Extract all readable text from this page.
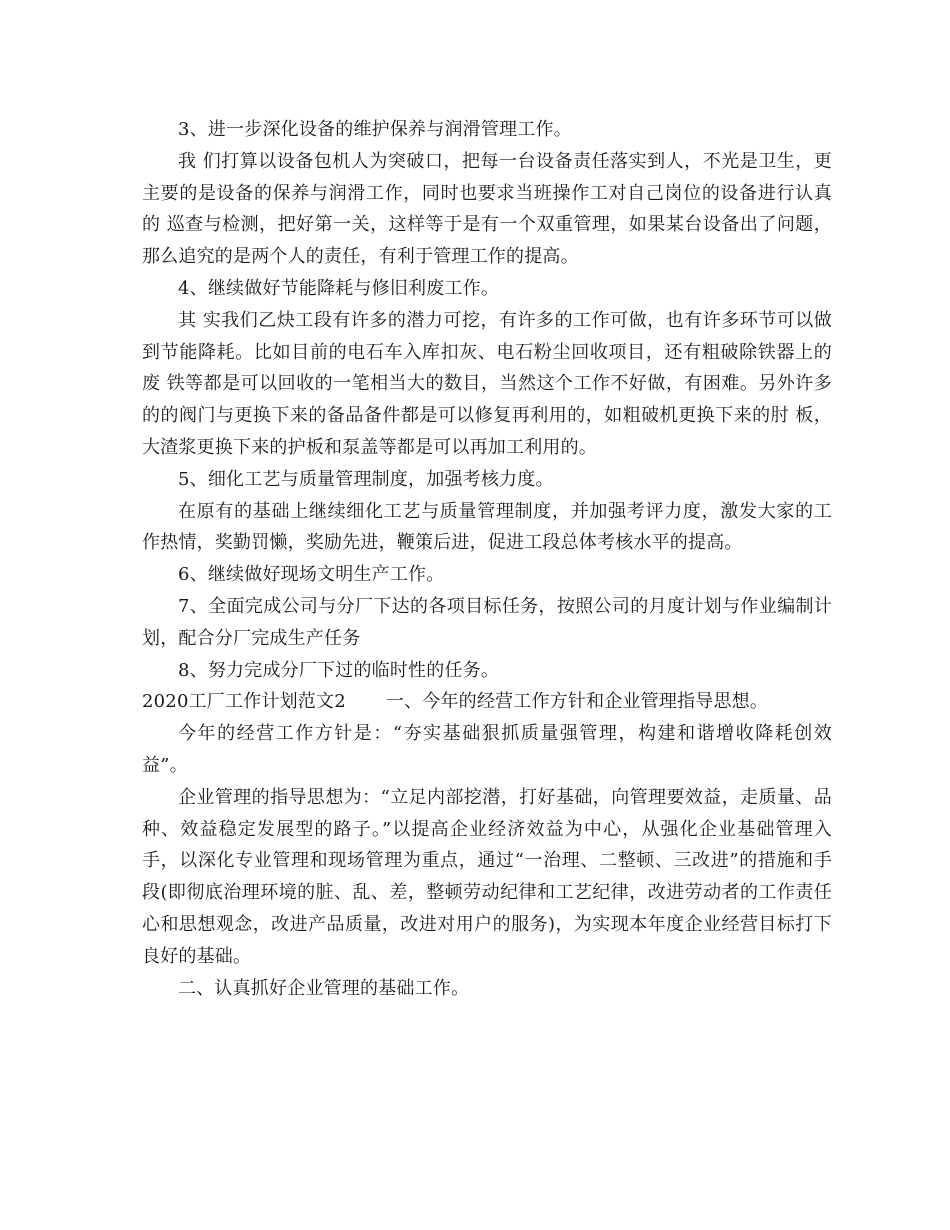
3、进一步深化设备的维护保养与润滑管理工作。

我 们打算以设备包机人为突破口，把每一台设备责任落实到人，不光是卫生，更主要的是设备的保养与润滑工作，同时也要求当班操作工对自己岗位的设备进行认真的 巡查与检测，把好第一关，这样等于是有一个双重管理，如果某台设备出了问题，那么追究的是两个人的责任，有利于管理工作的提高。

4、继续做好节能降耗与修旧利废工作。

其 实我们乙炔工段有许多的潜力可挖，有许多的工作可做，也有许多环节可以做到节能降耗。比如目前的电石车入库扣灰、电石粉尘回收项目，还有粗破除铁器上的废 铁等都是可以回收的一笔相当大的数目，当然这个工作不好做，有困难。另外许多的的阀门与更换下来的备品备件都是可以修复再利用的，如粗破机更换下来的肘 板，大渣浆更换下来的护板和泵盖等都是可以再加工利用的。

5、细化工艺与质量管理制度，加强考核力度。

在原有的基础上继续细化工艺与质量管理制度，并加强考评力度，激发大家的工作热情，奖勤罚懒，奖励先进，鞭策后进，促进工段总体考核水平的提高。

6、继续做好现场文明生产工作。

7、全面完成公司与分厂下达的各项目标任务，按照公司的月度计划与作业编制计划，配合分厂完成生产任务

8、努力完成分厂下过的临时性的任务。

2020工厂工作计划范文2 一、今年的经营工作方针和企业管理指导思想。

今年的经营工作方针是：“夯实基础狠抓质量强管理，构建和谐增收降耗创效益”。

企业管理的指导思想为：“立足内部挖潜，打好基础，向管理要效益，走质量、品种、效益稳定发展型的路子。”以提高企业经济效益为中心，从强化企业基础管理入手，以深化专业管理和现场管理为重点，通过“一治理、二整顿、三改进”的措施和手段(即彻底治理环境的脏、乱、差，整顿劳动纪律和工艺纪律，改进劳动者的工作责任心和思想观念，改进产品质量，改进对用户的服务)，为实现本年度企业经营目标打下良好的基础。

二、认真抓好企业管理的基础工作。
